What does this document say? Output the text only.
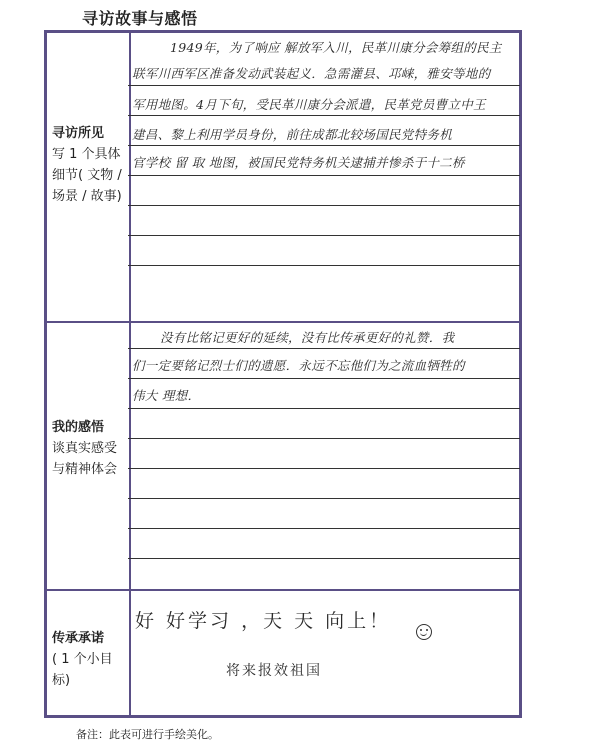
寻访故事与感悟
寻访所见
写 1 个具体细节( 文物 / 场景 / 故事)
1949年，为了响应 解放军入川，民革川康分会筹组的民主
联军川西军区准备发动武装起义．急需灌县、邛崃，雅安等地的
军用地图。4月下旬，受民革川康分会派遣，民革党员曹立中王
建昌、黎上利用学员身份，前往成都北较场国民党特务机
官学校 留 取 地图，被国民党特务机关逮捕并惨杀于十二桥
我的感悟
谈真实感受与精神体会
没有比铭记更好的延续，没有比传承更好的礼赞．我
们一定要铭记烈士们的遗愿．永远不忘他们为之流血牺牲的
伟大 理想．
传承承诺
( 1 个小目标)
好 好学习 ，天 天 向上！
将来报效祖国
备注：此表可进行手绘美化。
